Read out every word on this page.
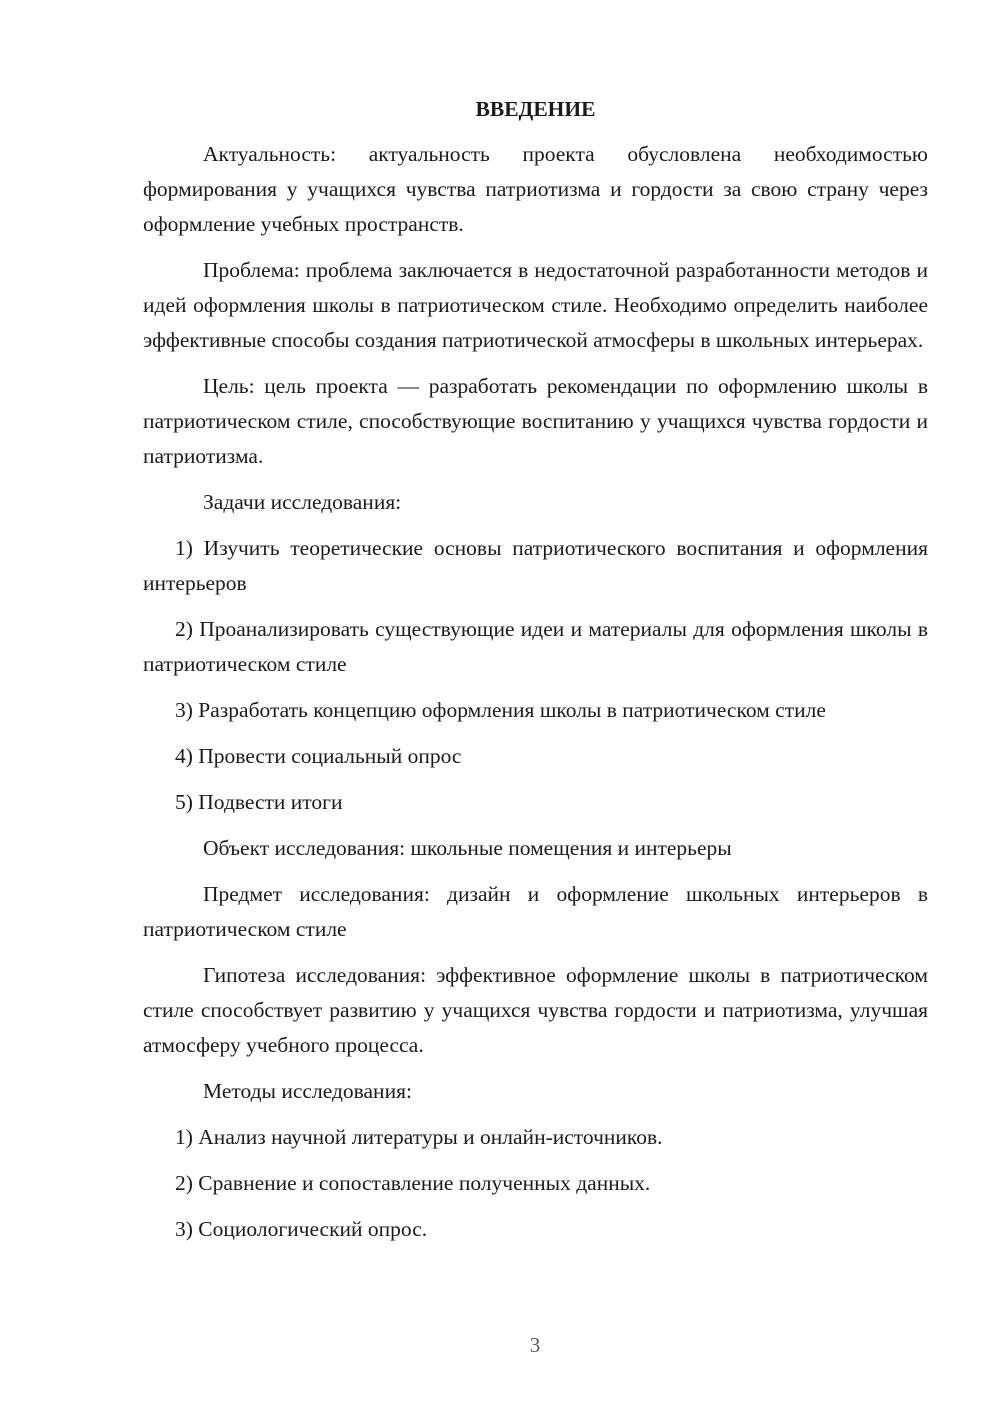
ВВЕДЕНИЕ

Актуальность: актуальность проекта обусловлена необходимостью формирования у учащихся чувства патриотизма и гордости за свою страну через оформление учебных пространств.

Проблема: проблема заключается в недостаточной разработанности методов и идей оформления школы в патриотическом стиле. Необходимо определить наиболее эффективные способы создания патриотической атмосферы в школьных интерьерах.

Цель: цель проекта — разработать рекомендации по оформлению школы в патриотическом стиле, способствующие воспитанию у учащихся чувства гордости и патриотизма.

Задачи исследования:

1) Изучить теоретические основы патриотического воспитания и оформления интерьеров

2) Проанализировать существующие идеи и материалы для оформления школы в патриотическом стиле

3) Разработать концепцию оформления школы в патриотическом стиле

4) Провести социальный опрос

5) Подвести итоги

Объект исследования: школьные помещения и интерьеры

Предмет исследования: дизайн и оформление школьных интерьеров в патриотическом стиле

Гипотеза исследования: эффективное оформление школы в патриотическом стиле способствует развитию у учащихся чувства гордости и патриотизма, улучшая атмосферу учебного процесса.

Методы исследования:

1) Анализ научной литературы и онлайн-источников.

2) Сравнение и сопоставление полученных данных.

3) Социологический опрос.

3
